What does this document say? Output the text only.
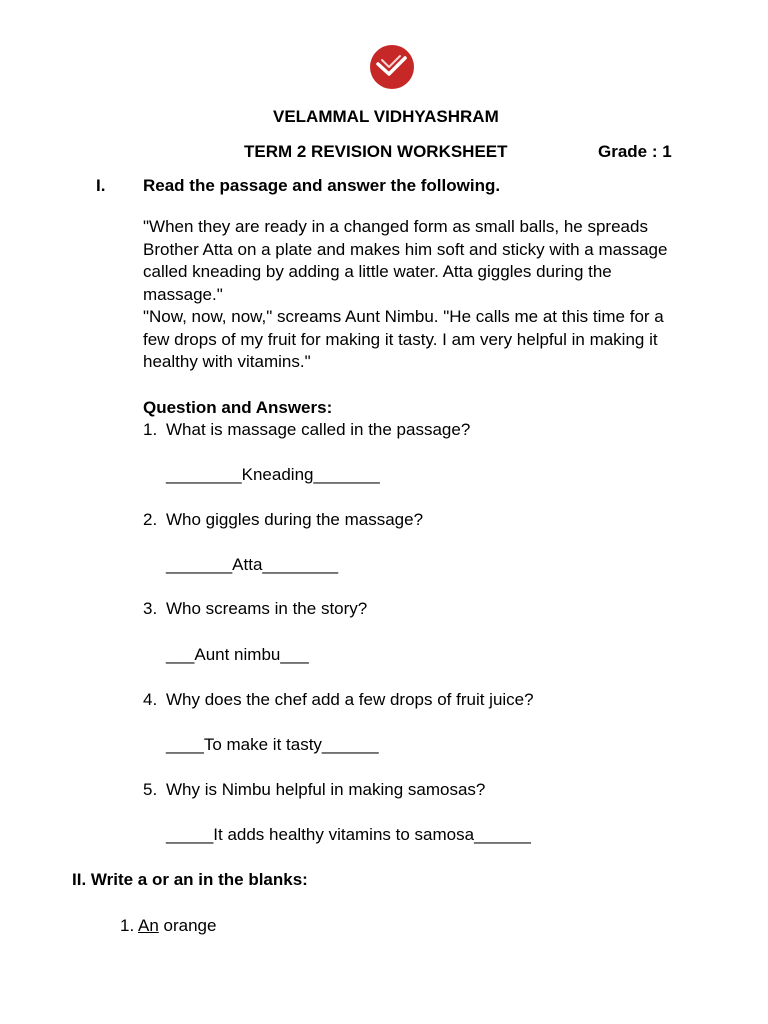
VELAMMAL VIDHYASHRAM
TERM 2 REVISION WORKSHEET	Grade : 1
I. Read the passage and answer the following.
"When they are ready in a changed form as small balls, he spreads
Brother Atta on a plate and makes him soft and sticky with a massage
called kneading by adding a little water. Atta giggles during the
massage."
"Now, now, now," screams Aunt Nimbu. "He calls me at this time for a
few drops of my fruit for making it tasty. I am very helpful in making it
healthy with vitamins."
Question and Answers:
1. What is massage called in the passage?
________Kneading_______
2. Who giggles during the massage?
_______Atta________
3. Who screams in the story?
___Aunt nimbu___
4. Why does the chef add a few drops of fruit juice?
____To make it tasty______
5. Why is Nimbu helpful in making samosas?
_____It adds healthy vitamins to samosa______
II. Write a or an in the blanks:
1. An orange
